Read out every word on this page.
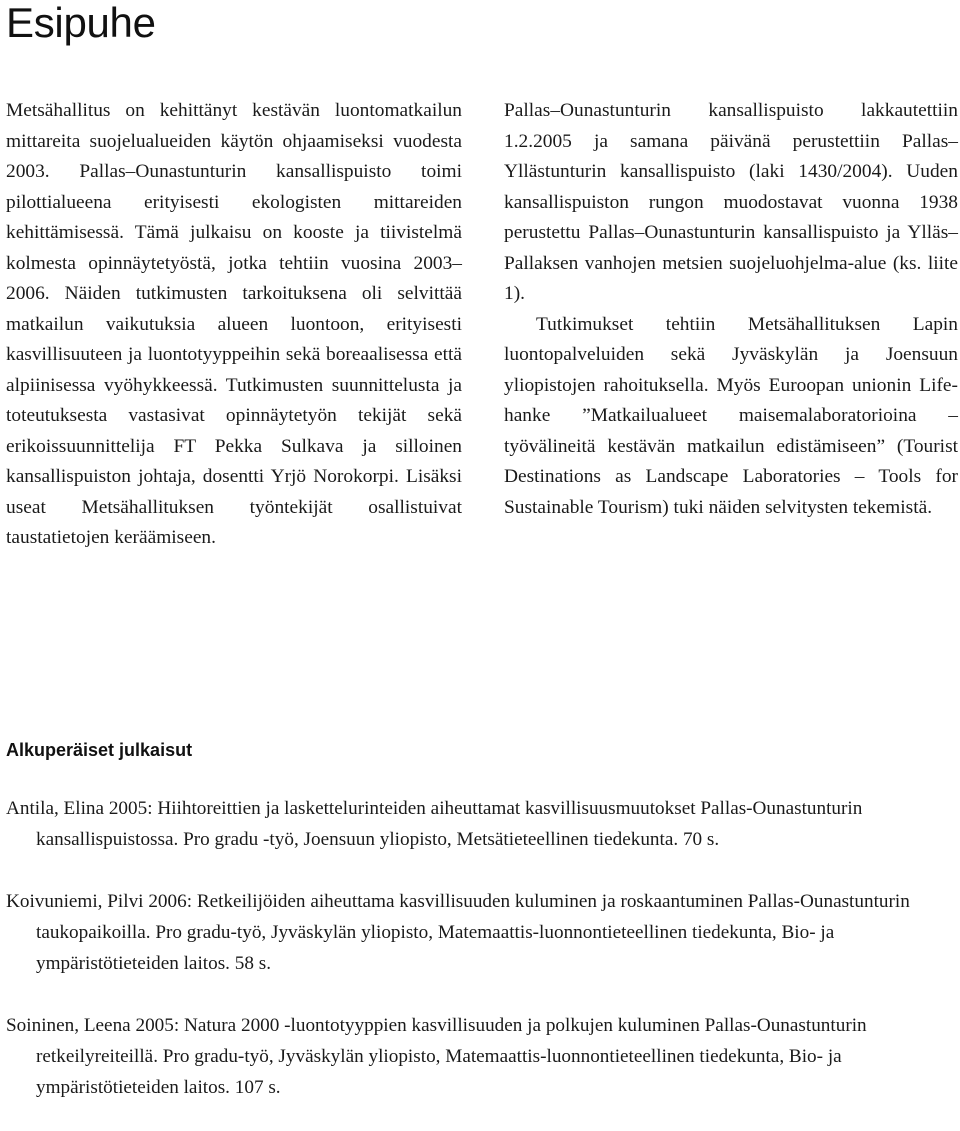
Esipuhe

Metsähallitus on kehittänyt kestävän luontomatkailun mittareita suojelualueiden käytön ohjaamiseksi vuodesta 2003. Pallas–Ounastunturin kansallispuisto toimi pilottialueena erityisesti ekologisten mittareiden kehittämisessä. Tämä julkaisu on kooste ja tiivistelmä kolmesta opinnäytetyöstä, jotka tehtiin vuosina 2003–2006. Näiden tutkimusten tarkoituksena oli selvittää matkailun vaikutuksia alueen luontoon, erityisesti kasvillisuuteen ja luontotyyppeihin sekä boreaalisessa että alpiinisessa vyöhykkeessä. Tutkimusten suunnittelusta ja toteutuksesta vastasivat opinnäytetyön tekijät sekä erikoissuunnittelija FT Pekka Sulkava ja silloinen kansallispuiston johtaja, dosentti Yrjö Norokorpi. Lisäksi useat Metsähallituksen työntekijät osallistuivat taustatietojen keräämiseen.

Pallas–Ounastunturin kansallispuisto lakkautettiin 1.2.2005 ja samana päivänä perustettiin Pallas–Yllästunturin kansallispuisto (laki 1430/2004). Uuden kansallispuiston rungon muodostavat vuonna 1938 perustettu Pallas–Ounastunturin kansallispuisto ja Ylläs–Pallaksen vanhojen metsien suojeluohjelma-alue (ks. liite 1).

Tutkimukset tehtiin Metsähallituksen Lapin luontopalveluiden sekä Jyväskylän ja Joensuun yliopistojen rahoituksella. Myös Euroopan unionin Life-hanke ”Matkailualueet maisemalaboratorioina – työvälineitä kestävän matkailun edistämiseen” (Tourist Destinations as Landscape Laboratories – Tools for Sustainable Tourism) tuki näiden selvitysten tekemistä.

Alkuperäiset julkaisut

Antila, Elina 2005: Hiihtoreittien ja laskettelurinteiden aiheuttamat kasvillisuusmuutokset Pallas-Ounastunturin kansallispuistossa. Pro gradu -työ, Joensuun yliopisto, Metsätieteellinen tiedekunta. 70 s.

Koivuniemi, Pilvi 2006: Retkeilijöiden aiheuttama kasvillisuuden kuluminen ja roskaantuminen Pallas-Ounastunturin taukopaikoilla. Pro gradu-työ, Jyväskylän yliopisto, Matemaattis-luonnontieteellinen tiedekunta, Bio- ja ympäristötieteiden laitos. 58 s.

Soininen, Leena 2005: Natura 2000 -luontotyyppien kasvillisuuden ja polkujen kuluminen Pallas-Ounastunturin retkeilyreiteillä. Pro gradu-työ, Jyväskylän yliopisto, Matemaattis-luonnontieteellinen tiedekunta, Bio- ja ympäristötieteiden laitos. 107 s.
